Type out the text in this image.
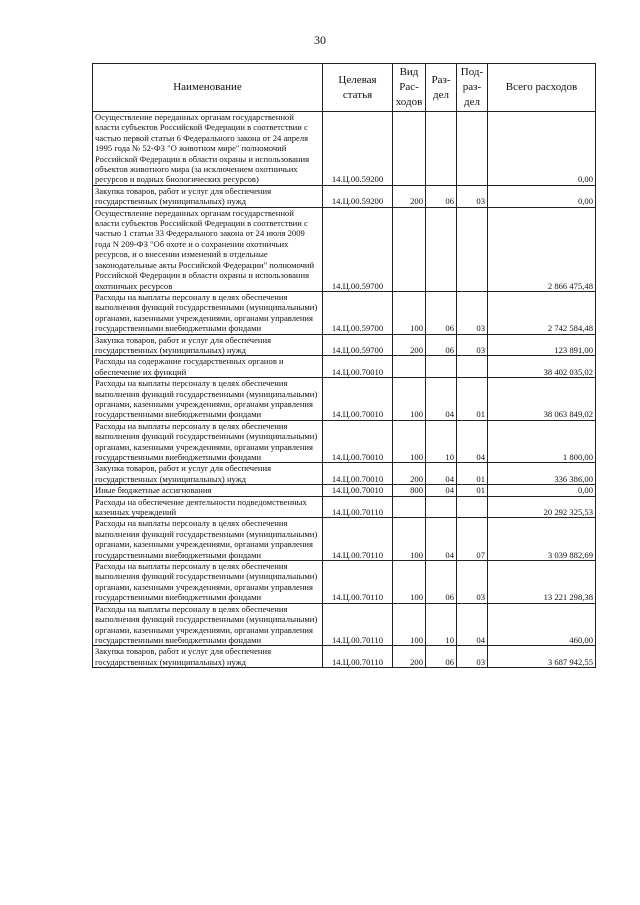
30
Наименование	Целевая статья	Вид Рас- ходов	Раз- дел	Под- раз- дел	Всего расходов
Осуществление переданных органам государственной власти субъектов Российской Федерации в соответствии с частью первой статьи 6 Федерального закона от 24 апреля 1995 года № 52-ФЗ "О животном мире" полномочий Российской Федерации в области охраны и использования объектов животного мира (за исключением охотничьих ресурсов и водных биологических ресурсов)	14.Ц.00.59200				0,00
Закупка товаров, работ и услуг для обеспечения государственных (муниципальных) нужд	14.Ц.00.59200	200	06	03	0,00
Осуществление переданных органам государственной власти субъектов Российской Федерации в соответствии с частью 1 статьи 33 Федерального закона от 24 июля 2009 года N 209-ФЗ "Об охоте и о сохранении охотничьих ресурсов, и о внесении изменений в отдельные законодательные акты Российской Федерации" полномочий Российской Федерации в области охраны и использования охотничьих ресурсов	14.Ц.00.59700				2 866 475,48
Расходы на выплаты персоналу в целях обеспечения выполнения функций государственными (муниципальными) органами, казенными учреждениями, органами управления государственными внебюджетными фондами	14.Ц.00.59700	100	06	03	2 742 584,48
Закупка товаров, работ и услуг для обеспечения государственных (муниципальных) нужд	14.Ц.00.59700	200	06	03	123 891,00
Расходы на содержание государственных органов и обеспечение их функций	14.Ц.00.70010				38 402 035,02
Расходы на выплаты персоналу в целях обеспечения выполнения функций государственными (муниципальными) органами, казенными учреждениями, органами управления государственными внебюджетными фондами	14.Ц.00.70010	100	04	01	38 063 849,02
Расходы на выплаты персоналу в целях обеспечения выполнения функций государственными (муниципальными) органами, казенными учреждениями, органами управления государственными внебюджетными фондами	14.Ц.00.70010	100	10	04	1 800,00
Закупка товаров, работ и услуг для обеспечения государственных (муниципальных) нужд	14.Ц.00.70010	200	04	01	336 386,00
Иные бюджетные ассигнования	14.Ц.00.70010	800	04	01	0,00
Расходы на обеспечение деятельности подведомственных казенных учреждений	14.Ц.00.70110				20 292 325,53
Расходы на выплаты персоналу в целях обеспечения выполнения функций государственными (муниципальными) органами, казенными учреждениями, органами управления государственными внебюджетными фондами	14.Ц.00.70110	100	04	07	3 039 882,69
Расходы на выплаты персоналу в целях обеспечения выполнения функций государственными (муниципальными) органами, казенными учреждениями, органами управления государственными внебюджетными фондами	14.Ц.00.70110	100	06	03	13 221 298,38
Расходы на выплаты персоналу в целях обеспечения выполнения функций государственными (муниципальными) органами, казенными учреждениями, органами управления государственными внебюджетными фондами	14.Ц.00.70110	100	10	04	460,00
Закупка товаров, работ и услуг для обеспечения государственных (муниципальных) нужд	14.Ц.00.70110	200	06	03	3 687 942,55
